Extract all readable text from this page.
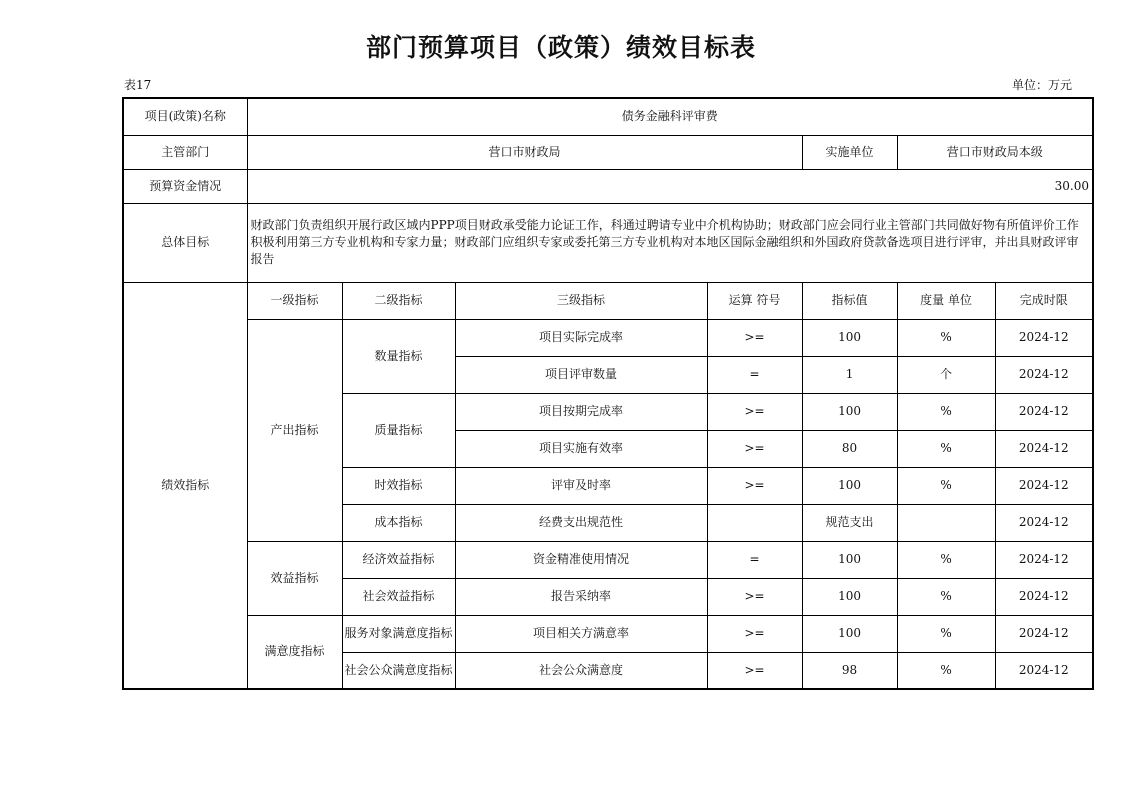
部门预算项目（政策）绩效目标表
表17	单位：万元
项目(政策)名称	债务金融科评审费						
主管部门	营口市财政局				实施单位	营口市财政局本级	
预算资金情况	30.00						
总体目标	财政部门负责组织开展行政区域内PPP项目财政承受能力论证工作，科通过聘请专业中介机构协助；财政部门应会同行业主管部门共同做好物有所值评价工作积极利用第三方专业机构和专家力量；财政部门应组织专家或委托第三方专业机构对本地区国际金融组织和外国政府贷款备选项目进行评审，并出具财政评审报告						
绩效指标	一级指标	二级指标	三级指标	运算 符号	指标值	度量 单位	完成时限
	产出指标	数量指标	项目实际完成率	>=	100	%	2024-12
			项目评审数量	=	1	个	2024-12
		质量指标	项目按期完成率	>=	100	%	2024-12
			项目实施有效率	>=	80	%	2024-12
		时效指标	评审及时率	>=	100	%	2024-12
		成本指标	经费支出规范性		规范支出		2024-12
	效益指标	经济效益指标	资金精准使用情况	=	100	%	2024-12
		社会效益指标	报告采纳率	>=	100	%	2024-12
	满意度指标	服务对象满意度指标	项目相关方满意率	>=	100	%	2024-12
		社会公众满意度指标	社会公众满意度	>=	98	%	2024-12
